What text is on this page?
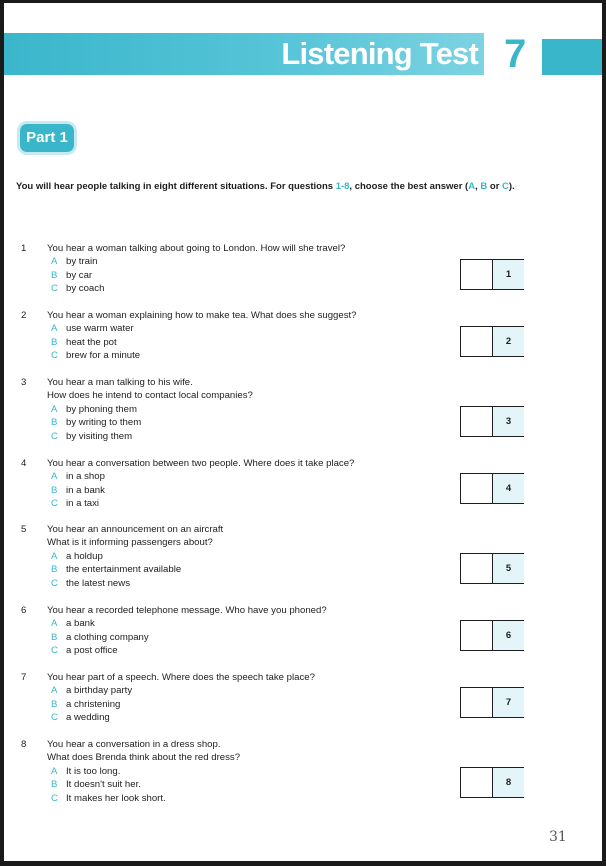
Listening Test 7
Part 1
You will hear people talking in eight different situations. For questions 1-8, choose the best answer (A, B or C).
1 You hear a woman talking about going to London. How will she travel?
A by train
B by car
C by coach
1
2 You hear a woman explaining how to make tea. What does she suggest?
A use warm water
B heat the pot
C brew for a minute
2
3 You hear a man talking to his wife.
How does he intend to contact local companies?
A by phoning them
B by writing to them
C by visiting them
3
4 You hear a conversation between two people. Where does it take place?
A in a shop
B in a bank
C in a taxi
4
5 You hear an announcement on an aircraft
What is it informing passengers about?
A a holdup
B the entertainment available
C the latest news
5
6 You hear a recorded telephone message. Who have you phoned?
A a bank
B a clothing company
C a post office
6
7 You hear part of a speech. Where does the speech take place?
A a birthday party
B a christening
C a wedding
7
8 You hear a conversation in a dress shop.
What does Brenda think about the red dress?
A It is too long.
B It doesn't suit her.
C It makes her look short.
8
31
